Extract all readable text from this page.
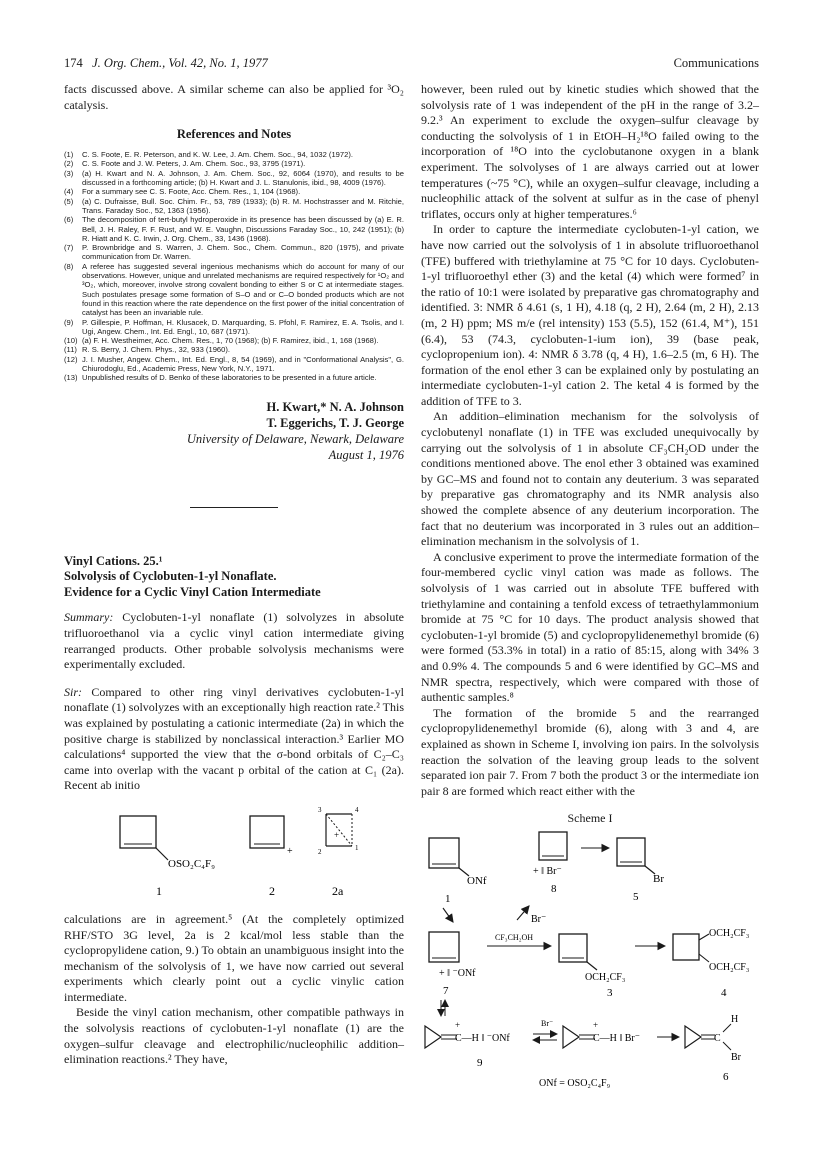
174 J. Org. Chem., Vol. 42, No. 1, 1977	Communications

facts discussed above. A similar scheme can also be applied for ³O₂ catalysis.

References and Notes
(1)	C. S. Foote, E. R. Peterson, and K. W. Lee, J. Am. Chem. Soc., 94, 1032 (1972).
(2)	C. S. Foote and J. W. Peters, J. Am. Chem. Soc., 93, 3795 (1971).
(3)	(a) H. Kwart and N. A. Johnson, J. Am. Chem. Soc., 92, 6064 (1970), and results to be discussed in a forthcoming article; (b) H. Kwart and J. L. Stanulonis, ibid., 98, 4009 (1976).
(4)	For a summary see C. S. Foote, Acc. Chem. Res., 1, 104 (1968).
(5)	(a) C. Dufraisse, Bull. Soc. Chim. Fr., 53, 789 (1933); (b) R. M. Hochstrasser and M. Ritchie, Trans. Faraday Soc., 52, 1363 (1956).
(6)	The decomposition of tert-butyl hydroperoxide in its presence has been discussed by (a) E. R. Bell, J. H. Raley, F. F. Rust, and W. E. Vaughn, Discussions Faraday Soc., 10, 242 (1951); (b) R. Hiatt and K. C. Irwin, J. Org. Chem., 33, 1436 (1968).
(7)	P. Brownbridge and S. Warren, J. Chem. Soc., Chem. Commun., 820 (1975), and private communication from Dr. Warren.
(8)	A referee has suggested several ingenious mechanisms which do account for many of our observations. However, unique and unrelated mechanisms are required respectively for ¹O₂ and ³O₂, which, moreover, involve strong covalent bonding to either S or C at intermediate stages. Such postulates presage some formation of S–O and or C–O bonded products which are not found in this reaction where the rate dependence on the first power of the initial concentration of catalyst has been an invariable rule.
(9)	P. Gillespie, P. Hoffman, H. Klusacek, D. Marquarding, S. Pfohl, F. Ramirez, E. A. Tsolis, and I. Ugi, Angew. Chem., Int. Ed. Engl., 10, 687 (1971).
(10) (a) F. H. Westheimer, Acc. Chem. Res., 1, 70 (1968); (b) F. Ramirez, ibid., 1, 168 (1968).
(11) R. S. Berry, J. Chem. Phys., 32, 933 (1960).
(12) J. I. Musher, Angew. Chem., Int. Ed. Engl., 8, 54 (1969), and in "Conformational Analysis", G. Chiurodoglu, Ed., Academic Press, New York, N.Y., 1971.
(13) Unpublished results of D. Benko of these laboratories to be presented in a future article.
H. Kwart,* N. A. Johnson
T. Eggerichs, T. J. George
University of Delaware, Newark, Delaware
August 1, 1976
Vinyl Cations. 25.¹
Solvolysis of Cyclobuten-1-yl Nonaflate.
Evidence for a Cyclic Vinyl Cation Intermediate

Summary: Cyclobuten-1-yl nonaflate (1) solvolyzes in absolute trifluoroethanol via a cyclic vinyl cation intermediate giving rearranged products. Other probable solvolysis mechanisms were experimentally excluded.

Sir: Compared to other ring vinyl derivatives cyclobuten-1-yl nonaflate (1) solvolyzes with an exceptionally high reaction rate.² This was explained by postulating a cationic intermediate (2a) in which the positive charge is stabilized by nonclassical interaction.³ Earlier MO calculations⁴ supported the view that the σ-bond orbitals of C₂–C₃ came into overlap with the vacant p orbital of the cation at C₁ (2a). Recent ab initio

OSO₂C₄F₉
1
+
2
+
3	4
2	1
2a

calculations are in agreement.⁵ (At the completely optimized RHF/STO 3G level, 2a is 2 kcal/mol less stable than the cyclopropylidene cation, 9.) To obtain an unambiguous insight into the mechanism of the solvolysis of 1, we have now carried out several experiments which clearly point out a cyclic vinylic cation intermediate.

Beside the vinyl cation mechanism, other compatible pathways in the solvolysis reactions of cyclobuten-1-yl nonaflate (1) are the oxygen–sulfur cleavage and electrophilic/nucleophilic addition–elimination reactions.² They have,

however, been ruled out by kinetic studies which showed that the solvolysis rate of 1 was independent of the pH in the range of 3.2–9.2.³ An experiment to exclude the oxygen–sulfur cleavage by conducting the solvolysis of 1 in EtOH–H₂¹⁸O failed owing to the incorporation of ¹⁸O into the cyclobutanone oxygen in a blank experiment. The solvolyses of 1 are always carried out at lower temperatures (~75 °C), while an oxygen–sulfur cleavage, including a nucleophilic attack of the solvent at sulfur as in the case of phenyl triflates, occurs only at higher temperatures.⁶

In order to capture the intermediate cyclobuten-1-yl cation, we have now carried out the solvolysis of 1 in absolute trifluoroethanol (TFE) buffered with triethylamine at 75 °C for 10 days. Cyclobuten-1-yl trifluoroethyl ether (3) and the ketal (4) which were formed⁷ in the ratio of 10:1 were isolated by preparative gas chromatography and identified. 3: NMR δ 4.61 (s, 1 H), 4.18 (q, 2 H), 2.64 (m, 2 H), 2.13 (m, 2 H) ppm; MS m/e (rel intensity) 153 (5.5), 152 (61.4, M⁺), 151 (6.4), 53 (74.3, cyclobuten-1-ium ion), 39 (base peak, cyclopropenium ion). 4: NMR δ 3.78 (q, 4 H), 1.6–2.5 (m, 6 H). The formation of the enol ether 3 can be explained only by postulating an intermediate cyclobuten-1-yl cation 2. The ketal 4 is formed by the addition of TFE to 3.

An addition–elimination mechanism for the solvolysis of cyclobutenyl nonaflate (1) in TFE was excluded unequivocally by carrying out the solvolysis of 1 in absolute CF₃CH₂OD under the conditions mentioned above. The enol ether 3 obtained was examined by GC–MS and found not to contain any deuterium. 3 was separated by preparative gas chromatography and its NMR analysis also showed the complete absence of any deuterium incorporation. The fact that no deuterium was incorporated in 3 rules out an addition–elimination mechanism in the solvolysis of 1.

A conclusive experiment to prove the intermediate formation of the four-membered cyclic vinyl cation was made as follows. The solvolysis of 1 was carried out in absolute TFE buffered with triethylamine and containing a tenfold excess of tetraethylammonium bromide at 75 °C for 10 days. The product analysis showed that cyclobuten-1-yl bromide (5) and cyclopropylidenemethyl bromide (6) were formed (53.3% in total) in a ratio of 85:15, along with 34% 3 and 0.9% 4. The compounds 5 and 6 were identified by GC–MS and NMR spectra, respectively, which were compared with those of authentic samples.⁸

The formation of the bromide 5 and the rearranged cyclopropylidenemethyl bromide (6), along with 3 and 4, are explained as shown in Scheme I, involving ion pairs. In the solvolysis reaction the solvation of the leaving group leads to the solvent separated ion pair 7. From 7 both the product 3 or the intermediate ion pair 8 are formed which react either with the

Scheme I
ONf
1
+ ‖ Br⁻
8
Br
5
Br⁻
+ ‖ ⁻ONf
7
CF₃CH₂OH
OCH₂CF₃
3
OCH₂CF₃
OCH₂CF₃
4
+
C—H ‖ ⁻ONf
9
Br⁻	+
C—H ‖ Br⁻	C
H
Br
6
ONf = OSO₂C₄F₉
